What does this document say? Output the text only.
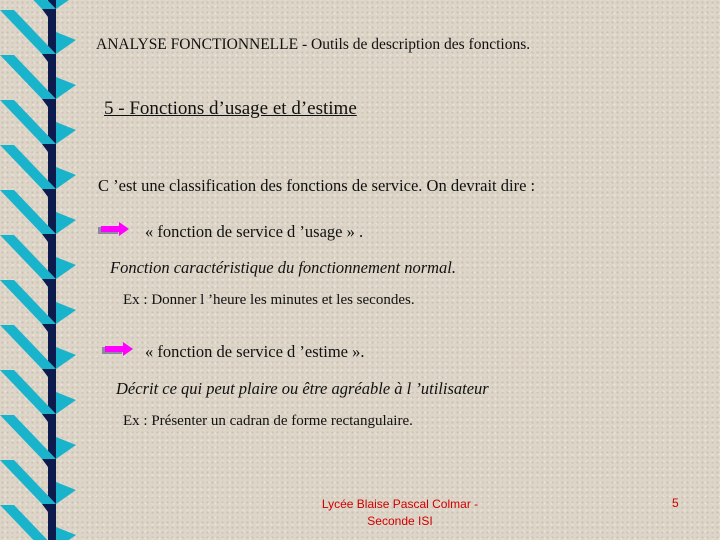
ANALYSE FONCTIONNELLE - Outils de description des fonctions.
5 - Fonctions d’usage et d’estime
C ’est une classification des fonctions de service. On devrait dire :
« fonction de service d ’usage » .
Fonction caractéristique du fonctionnement normal.
Ex : Donner l ’heure les minutes et les secondes.
« fonction de service d ’estime ».
Décrit ce qui peut plaire ou être agréable à l ’utilisateur
Ex : Présenter un cadran de forme rectangulaire.
Lycée Blaise Pascal Colmar -
Seconde ISI
5
